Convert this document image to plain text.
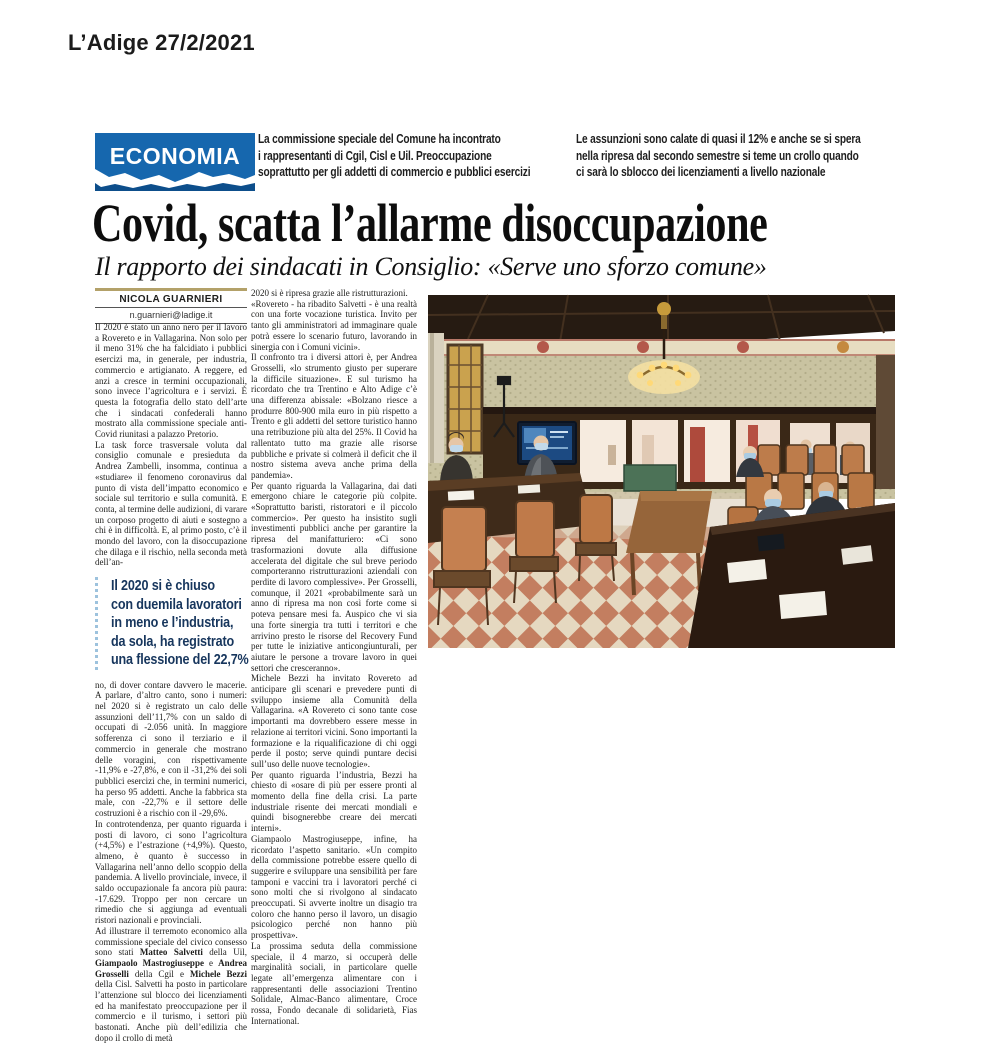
L’Adige 27/2/2021
ECONOMIA
La commissione speciale del Comune ha incontrato
i rappresentanti di Cgil, Cisl e Uil. Preoccupazione
soprattutto per gli addetti di commercio e pubblici esercizi
Le assunzioni sono calate di quasi il 12% e anche se si spera
nella ripresa dal secondo semestre si teme un crollo quando
ci sarà lo sblocco dei licenziamenti a livello nazionale
Covid, scatta l’allarme disoccupazione
Il rapporto dei sindacati in Consiglio: «Serve uno sforzo comune»
NICOLA GUARNIERI
n.guarnieri@ladige.it

Il 2020 è stato un anno nero per il lavoro a Rovereto e in Vallagarina. Non solo per il meno 31% che ha falcidiato i pubblici esercizi ma, in generale, per industria, commercio e artigianato. A reggere, ed anzi a cresce in termini occupazionali, sono invece l’agricoltura e i servizi. È questa la fotografia dello stato dell’arte che i sindacati confederali hanno mostrato alla commissione speciale anti-Covid riunitasi a palazzo Pretorio.

La task force trasversale voluta dal consiglio comunale e presieduta da Andrea Zambelli, insomma, continua a «studiare» il fenomeno coronavirus dal punto di vista dell’impatto economico e sociale sul territorio e sulla comunità. E conta, al termine delle audizioni, di varare un corposo progetto di aiuti e sostegno a chi è in difficoltà. E, al primo posto, c’è il mondo del lavoro, con la disoccupazione che dilaga e il rischio, nella seconda metà dell’an-

Il 2020 si è chiuso
con duemila lavoratori
in meno e l’industria,
da sola, ha registrato
una flessione del 22,7%

no, di dover contare davvero le macerie. A parlare, d’altro canto, sono i numeri: nel 2020 si è registrato un calo delle assunzioni dell’11,7% con un saldo di occupati di -2.056 unità. In maggiore sofferenza ci sono il terziario e il commercio in generale che mostrano delle voragini, con rispettivamente -11,9% e -27,8%, e con il -31,2% dei soli pubblici esercizi che, in termini numerici, ha perso 95 addetti. Anche la fabbrica sta male, con -22,7% e il settore delle costruzioni è a rischio con il -29,6%.

In controtendenza, per quanto riguarda i posti di lavoro, ci sono l’agricoltura (+4,5%) e l’estrazione (+4,9%). Questo, almeno, è quanto è successo in Vallagarina nell’anno dello scoppio della pandemia. A livello provinciale, invece, il saldo occupazionale fa ancora più paura: -17.629. Troppo per non cercare un rimedio che si aggiunga ad eventuali ristori nazionali e provinciali.

Ad illustrare il terremoto economico alla commissione speciale del civico consesso sono stati Matteo Salvetti della Uil, Giampaolo Mastrogiuseppe e Andrea Grosselli della Cgil e Michele Bezzi della Cisl. Salvetti ha posto in particolare l’attenzione sul blocco dei licenziamenti ed ha manifestato preoccupazione per il commercio e il turismo, i settori più bastonati. Anche più dell’edilizia che dopo il crollo di metà

2020 si è ripresa grazie alle ristrutturazioni.

«Rovereto - ha ribadito Salvetti - è una realtà con una forte vocazione turistica. Invito per tanto gli amministratori ad immaginare quale potrà essere lo scenario futuro, lavorando in sinergia con i Comuni vicini».

Il confronto tra i diversi attori è, per Andrea Grosselli, «lo strumento giusto per superare la difficile situazione». E sul turismo ha ricordato che tra Trentino e Alto Adige c’è una differenza abissale: «Bolzano riesce a produrre 800-900 mila euro in più rispetto a Trento e gli addetti del settore turistico hanno una retribuzione più alta del 25%. Il Covid ha rallentato tutto ma grazie alle risorse pubbliche e private si colmerà il deficit che il nostro sistema aveva anche prima della pandemia».

Per quanto riguarda la Vallagarina, dai dati emergono chiare le categorie più colpite. «Soprattutto baristi, ristoratori e il piccolo commercio». Per questo ha insistito sugli investimenti pubblici anche per garantire la ripresa del manifatturiero: «Ci sono trasformazioni dovute alla diffusione accelerata del digitale che sul breve periodo comporteranno ristrutturazioni aziendali con perdite di lavoro complessive». Per Grosselli, comunque, il 2021 «probabilmente sarà un anno di ripresa ma non così forte come si poteva pensare mesi fa. Auspico che vi sia una forte sinergia tra tutti i territori e che arrivino presto le risorse del Recovery Fund per tutte le iniziative anticongiunturali, per aiutare le persone a trovare lavoro in quei settori che cresceranno».

Michele Bezzi ha invitato Rovereto ad anticipare gli scenari e prevedere punti di sviluppo insieme alla Comunità della Vallagarina. «A Rovereto ci sono tante cose importanti ma dovrebbero essere messe in relazione ai territori vicini. Sono importanti la formazione e la riqualificazione di chi oggi perde il posto; serve quindi puntare decisi sull’uso delle nuove tecnologie».

Per quanto riguarda l’industria, Bezzi ha chiesto di «osare di più per essere pronti al momento della fine della crisi. La parte industriale risente dei mercati mondiali e quindi bisognerebbe creare dei mercati interni».

Giampaolo Mastrogiuseppe, infine, ha ricordato l’aspetto sanitario. «Un compito della commissione potrebbe essere quello di suggerire e sviluppare una sensibilità per fare tamponi e vaccini tra i lavoratori perché ci sono molti che si rivolgono al sindacato preoccupati. Si avverte inoltre un disagio tra coloro che hanno perso il lavoro, un disagio psicologico perché non hanno più prospettiva».

La prossima seduta della commissione speciale, il 4 marzo, si occuperà delle marginalità sociali, in particolare quelle legate all’emergenza alimentare con i rappresentanti delle associazioni Trentino Solidale, Almac-Banco alimentare, Croce rossa, Fondo decanale di solidarietà, Fias International.
